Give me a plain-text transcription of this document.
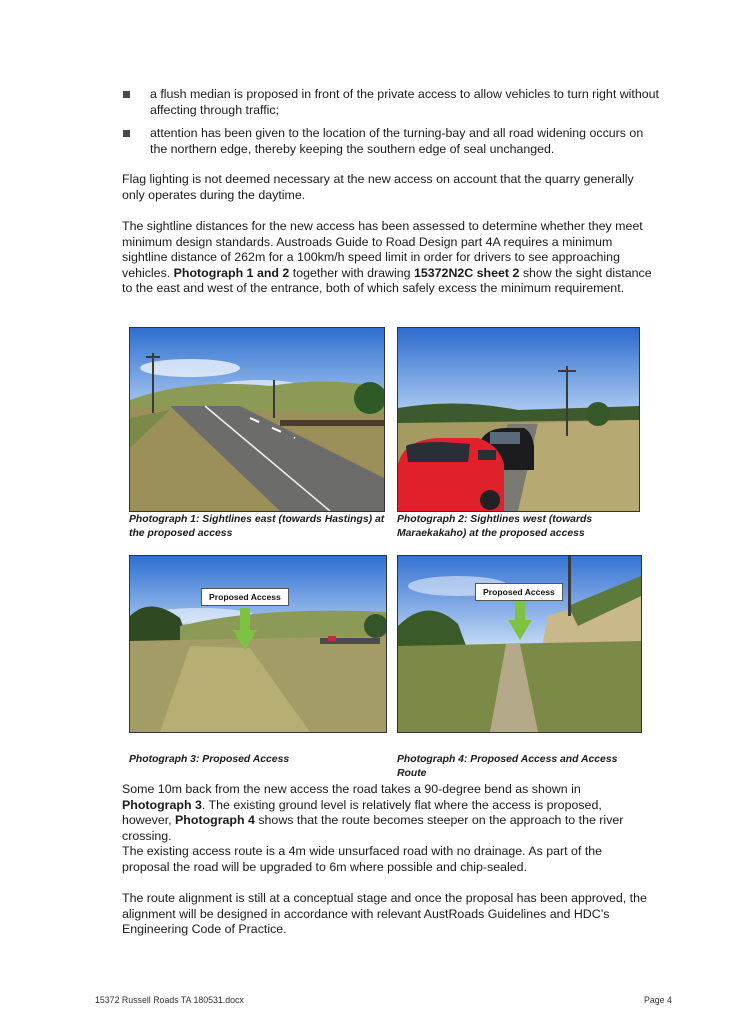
a flush median is proposed in front of the private access to allow vehicles to turn right without affecting through traffic;
attention has been given to the location of the turning-bay and all road widening occurs on the northern edge, thereby keeping the southern edge of seal unchanged.

Flag lighting is not deemed necessary at the new access on account that the quarry generally only operates during the daytime.

The sightline distances for the new access has been assessed to determine whether they meet minimum design standards. Austroads Guide to Road Design part 4A requires a minimum sightline distance of 262m for a 100km/h speed limit in order for drivers to see approaching vehicles. Photograph 1 and 2 together with drawing 15372N2C sheet 2 show the sight distance to the east and west of the entrance, both of which safely excess the minimum requirement.

Photograph 1: Sightlines east (towards Hastings) at the proposed access
Photograph 2: Sightlines west (towards Maraekakaho) at the proposed access
Proposed Access
Photograph 3: Proposed Access
Proposed Access
Photograph 4: Proposed Access and Access Route

Some 10m back from the new access the road takes a 90-degree bend as shown in Photograph 3. The existing ground level is relatively flat where the access is proposed, however, Photograph 4 shows that the route becomes steeper on the approach to the river crossing.

The existing access route is a 4m wide unsurfaced road with no drainage. As part of the proposal the road will be upgraded to 6m where possible and chip-sealed.

The route alignment is still at a conceptual stage and once the proposal has been approved, the alignment will be designed in accordance with relevant AustRoads Guidelines and HDC’s Engineering Code of Practice.

15372 Russell Roads TA 180531.docx	Page 4
